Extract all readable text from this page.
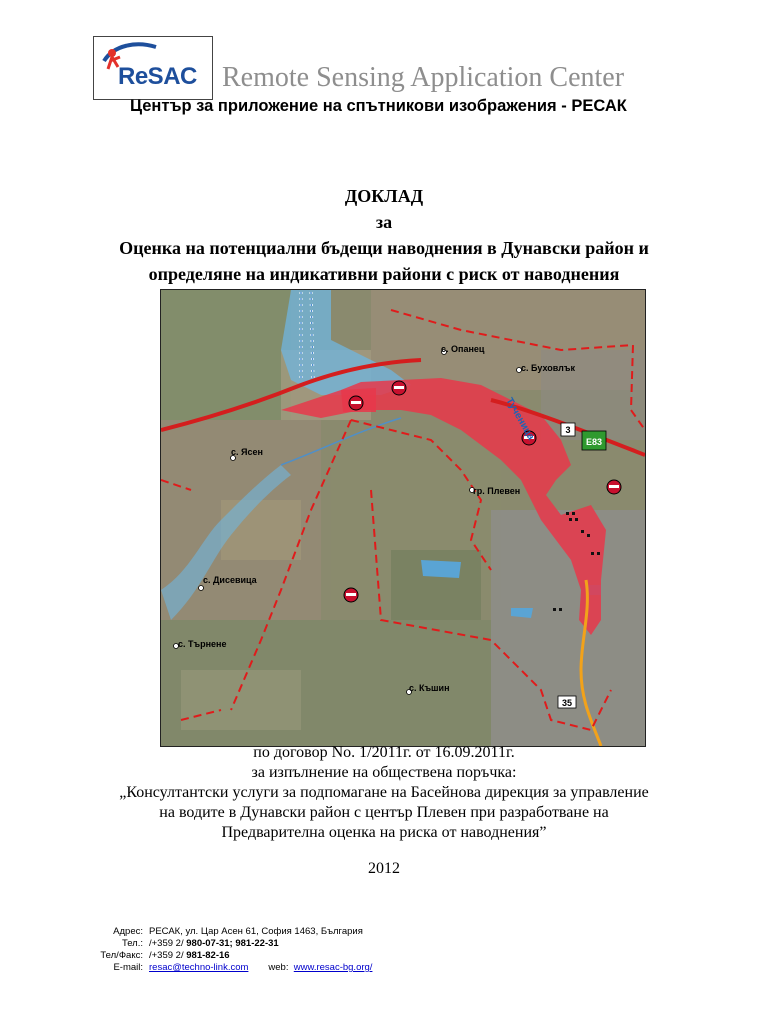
ReSAC Remote Sensing Application Center
Център за приложение на спътникови изображения - РЕСАК
ДОКЛАД
за
Оценка на потенциални бъдещи наводнения в Дунавски район и
определяне на индикативни райони с риск от наводнения
с. Опанец
с. Буховлък
с. Ясен
гр. Плевен
с. Дисевица
с. Търнене
с. Къшин
Тученица	3
E83
35
по договор No. 1/2011г. от 16.09.2011г.
за изпълнение на обществена поръчка:
„Консултантски услуги за подпомагане на Басейнова дирекция за управление
на водите в Дунавски район с център Плевен при разработване на
Предварителна оценка на риска от наводнения”
2012
Адрес: РЕСАК, ул. Цар Асен 61, София 1463, България
Тел.: /+359 2/
980-07-31; 981-22-31
Тел/Факс: /+359 2/
981-82-16
E-mail: resac@techno-link.com web:
www.resac-bg.org/
